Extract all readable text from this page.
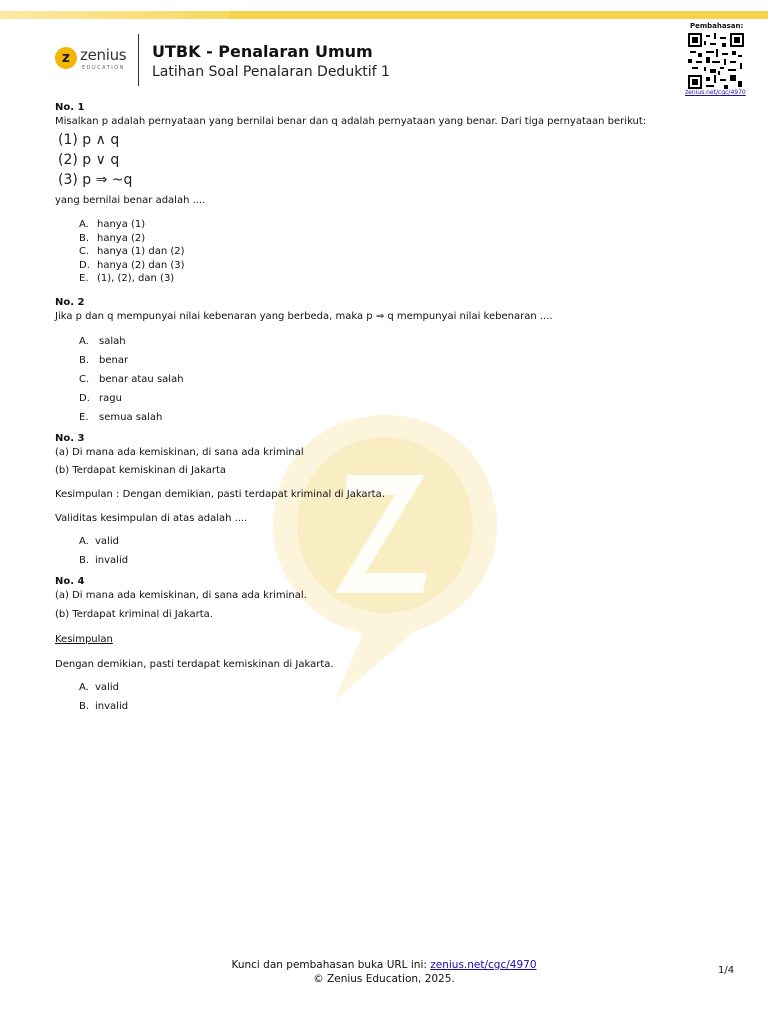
z zenius
EDUCATION
UTBK - Penalaran Umum
Latihan Soal Penalaran Deduktif 1
Pembahasan:
zenius.net/cgc/4970

No. 1

Misalkan p adalah pernyataan yang bernilai benar dan q adalah pernyataan yang benar. Dari tiga pernyataan berikut:

(1) p ∧ q

(2) p ∨ q

(3) p ⇒ ~q

yang bernilai benar adalah ....

A. hanya (1)
B. hanya (2)
C. hanya (1) dan (2)
D. hanya (2) dan (3)
E. (1), (2), dan (3)

No. 2

Jika p dan q mempunyai nilai kebenaran yang berbeda, maka p ⇒ q mempunyai nilai kebenaran ....

A.	salah
B. benar
C. benar atau salah
D. ragu
E.	semua salah

No. 3

(a) Di mana ada kemiskinan, di sana ada kriminal

(b) Terdapat kemiskinan di Jakarta

Kesimpulan : Dengan demikian, pasti terdapat kriminal di Jakarta.

Validitas kesimpulan di atas adalah ....

A. valid
B. invalid

No. 4

(a) Di mana ada kemiskinan, di sana ada kriminal.

(b) Terdapat kriminal di Jakarta.

Kesimpulan

Dengan demikian, pasti terdapat kemiskinan di Jakarta.

A. valid
B. invalid
Kunci dan pembahasan buka URL ini: zenius.net/cgc/4970
© Zenius Education, 2025.
1/4
